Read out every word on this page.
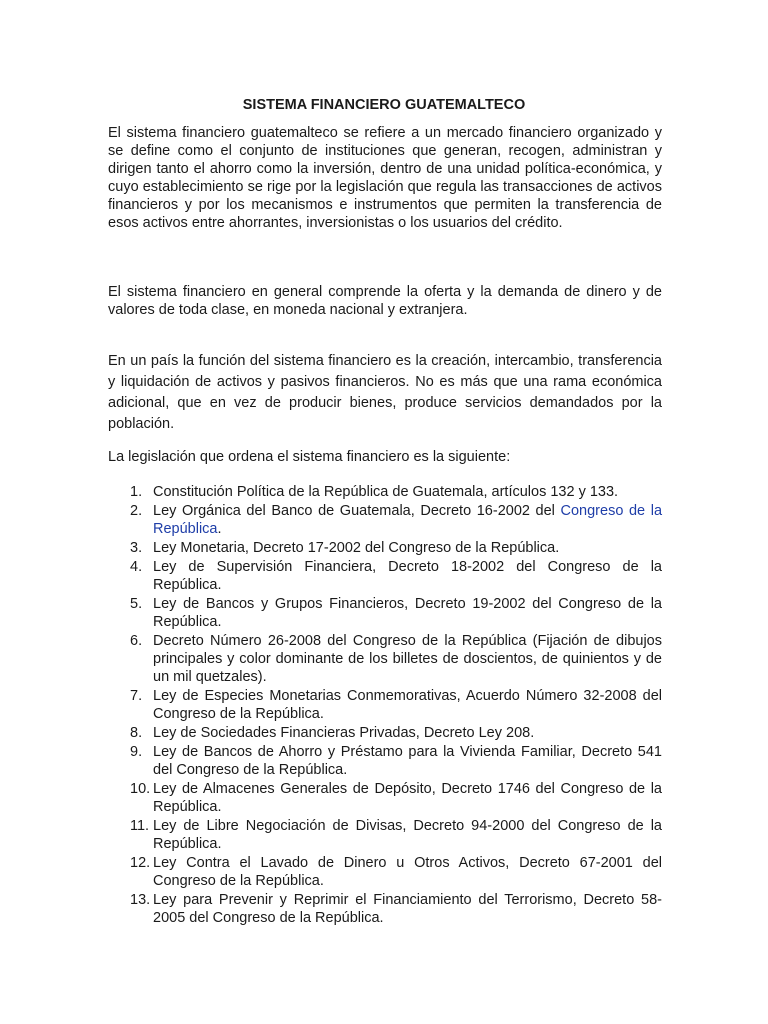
SISTEMA FINANCIERO GUATEMALTECO

El sistema financiero guatemalteco se refiere a un mercado financiero organizado y se define como el conjunto de instituciones que generan, recogen, administran y dirigen tanto el ahorro como la inversión, dentro de una unidad política-económica, y cuyo establecimiento se rige por la legislación que regula las transacciones de activos financieros y por los mecanismos e instrumentos que permiten la transferencia de esos activos entre ahorrantes, inversionistas o los usuarios del crédito.

El sistema financiero en general comprende la oferta y la demanda de dinero y de valores de toda clase, en moneda nacional y extranjera.

En un país la función del sistema financiero es la creación, intercambio, transferencia y liquidación de activos y pasivos financieros. No es más que una rama económica adicional, que en vez de producir bienes, produce servicios demandados por la población.

La legislación que ordena el sistema financiero es la siguiente:

1. Constitución Política de la República de Guatemala, artículos 132 y 133.
2. Ley Orgánica del Banco de Guatemala, Decreto 16-2002 del Congreso de la República.
3. Ley Monetaria, Decreto 17-2002 del Congreso de la República.
4. Ley de Supervisión Financiera, Decreto 18-2002 del Congreso de la República.
5. Ley de Bancos y Grupos Financieros, Decreto 19-2002 del Congreso de la República.
6. Decreto Número 26-2008 del Congreso de la República (Fijación de dibujos principales y color dominante de los billetes de doscientos, de quinientos y de un mil quetzales).
7. Ley de Especies Monetarias Conmemorativas, Acuerdo Número 32-2008 del Congreso de la República.
8. Ley de Sociedades Financieras Privadas, Decreto Ley 208.
9. Ley de Bancos de Ahorro y Préstamo para la Vivienda Familiar, Decreto 541 del Congreso de la República.
10. Ley de Almacenes Generales de Depósito, Decreto 1746 del Congreso de la República.
11. Ley de Libre Negociación de Divisas, Decreto 94-2000 del Congreso de la República.
12. Ley Contra el Lavado de Dinero u Otros Activos, Decreto 67-2001 del Congreso de la República.
13. Ley para Prevenir y Reprimir el Financiamiento del Terrorismo, Decreto 58-2005 del Congreso de la República.
